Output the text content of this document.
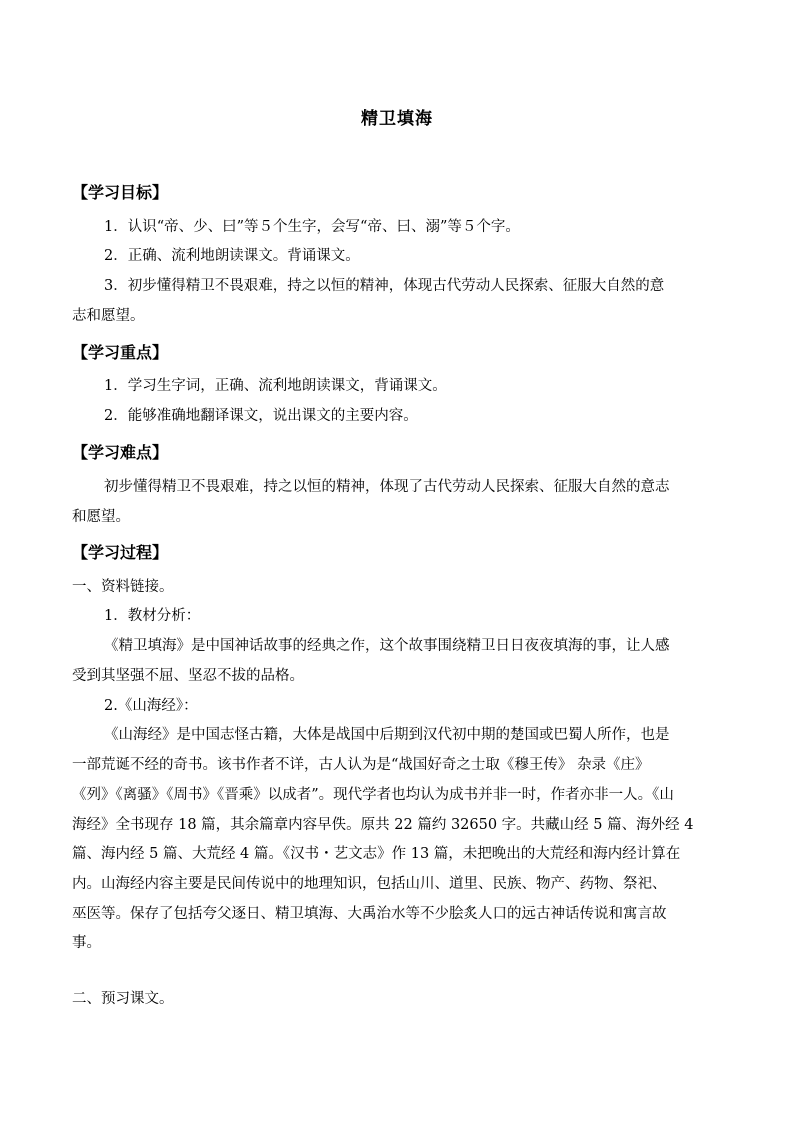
精卫填海
【学习目标】
1．认识“帝、少、曰”等５个生字，会写“帝、曰、溺”等５个字。
2．正确、流利地朗读课文。背诵课文。
3．初步懂得精卫不畏艰难，持之以恒的精神，体现古代劳动人民探索、征服大自然的意
志和愿望。
【学习重点】
1．学习生字词，正确、流利地朗读课文，背诵课文。
2．能够准确地翻译课文，说出课文的主要内容。
【学习难点】
初步懂得精卫不畏艰难，持之以恒的精神，体现了古代劳动人民探索、征服大自然的意志
和愿望。
【学习过程】
一、资料链接。
1．教材分析：
《精卫填海》是中国神话故事的经典之作，这个故事围绕精卫日日夜夜填海的事，让人感
受到其坚强不屈、坚忍不拔的品格。
2.《山海经》：
《山海经》是中国志怪古籍，大体是战国中后期到汉代初中期的楚国或巴蜀人所作，也是
一部荒诞不经的奇书。该书作者不详，古人认为是“战国好奇之士取《穆王传》 杂录《庄》
《列》《离骚》《周书》《晋乘》以成者”。现代学者也均认为成书并非一时，作者亦非一人。《山
海经》全书现存 18 篇，其余篇章内容早佚。原共 22 篇约 32650 字。共藏山经 5 篇、海外经 4
篇、海内经 5 篇、大荒经 4 篇。《汉书・艺文志》作 13 篇，未把晚出的大荒经和海内经计算在
内。山海经内容主要是民间传说中的地理知识，包括山川、道里、民族、物产、药物、祭祀、
巫医等。保存了包括夸父逐日、精卫填海、大禹治水等不少脍炙人口的远古神话传说和寓言故
事。
二、预习课文。
